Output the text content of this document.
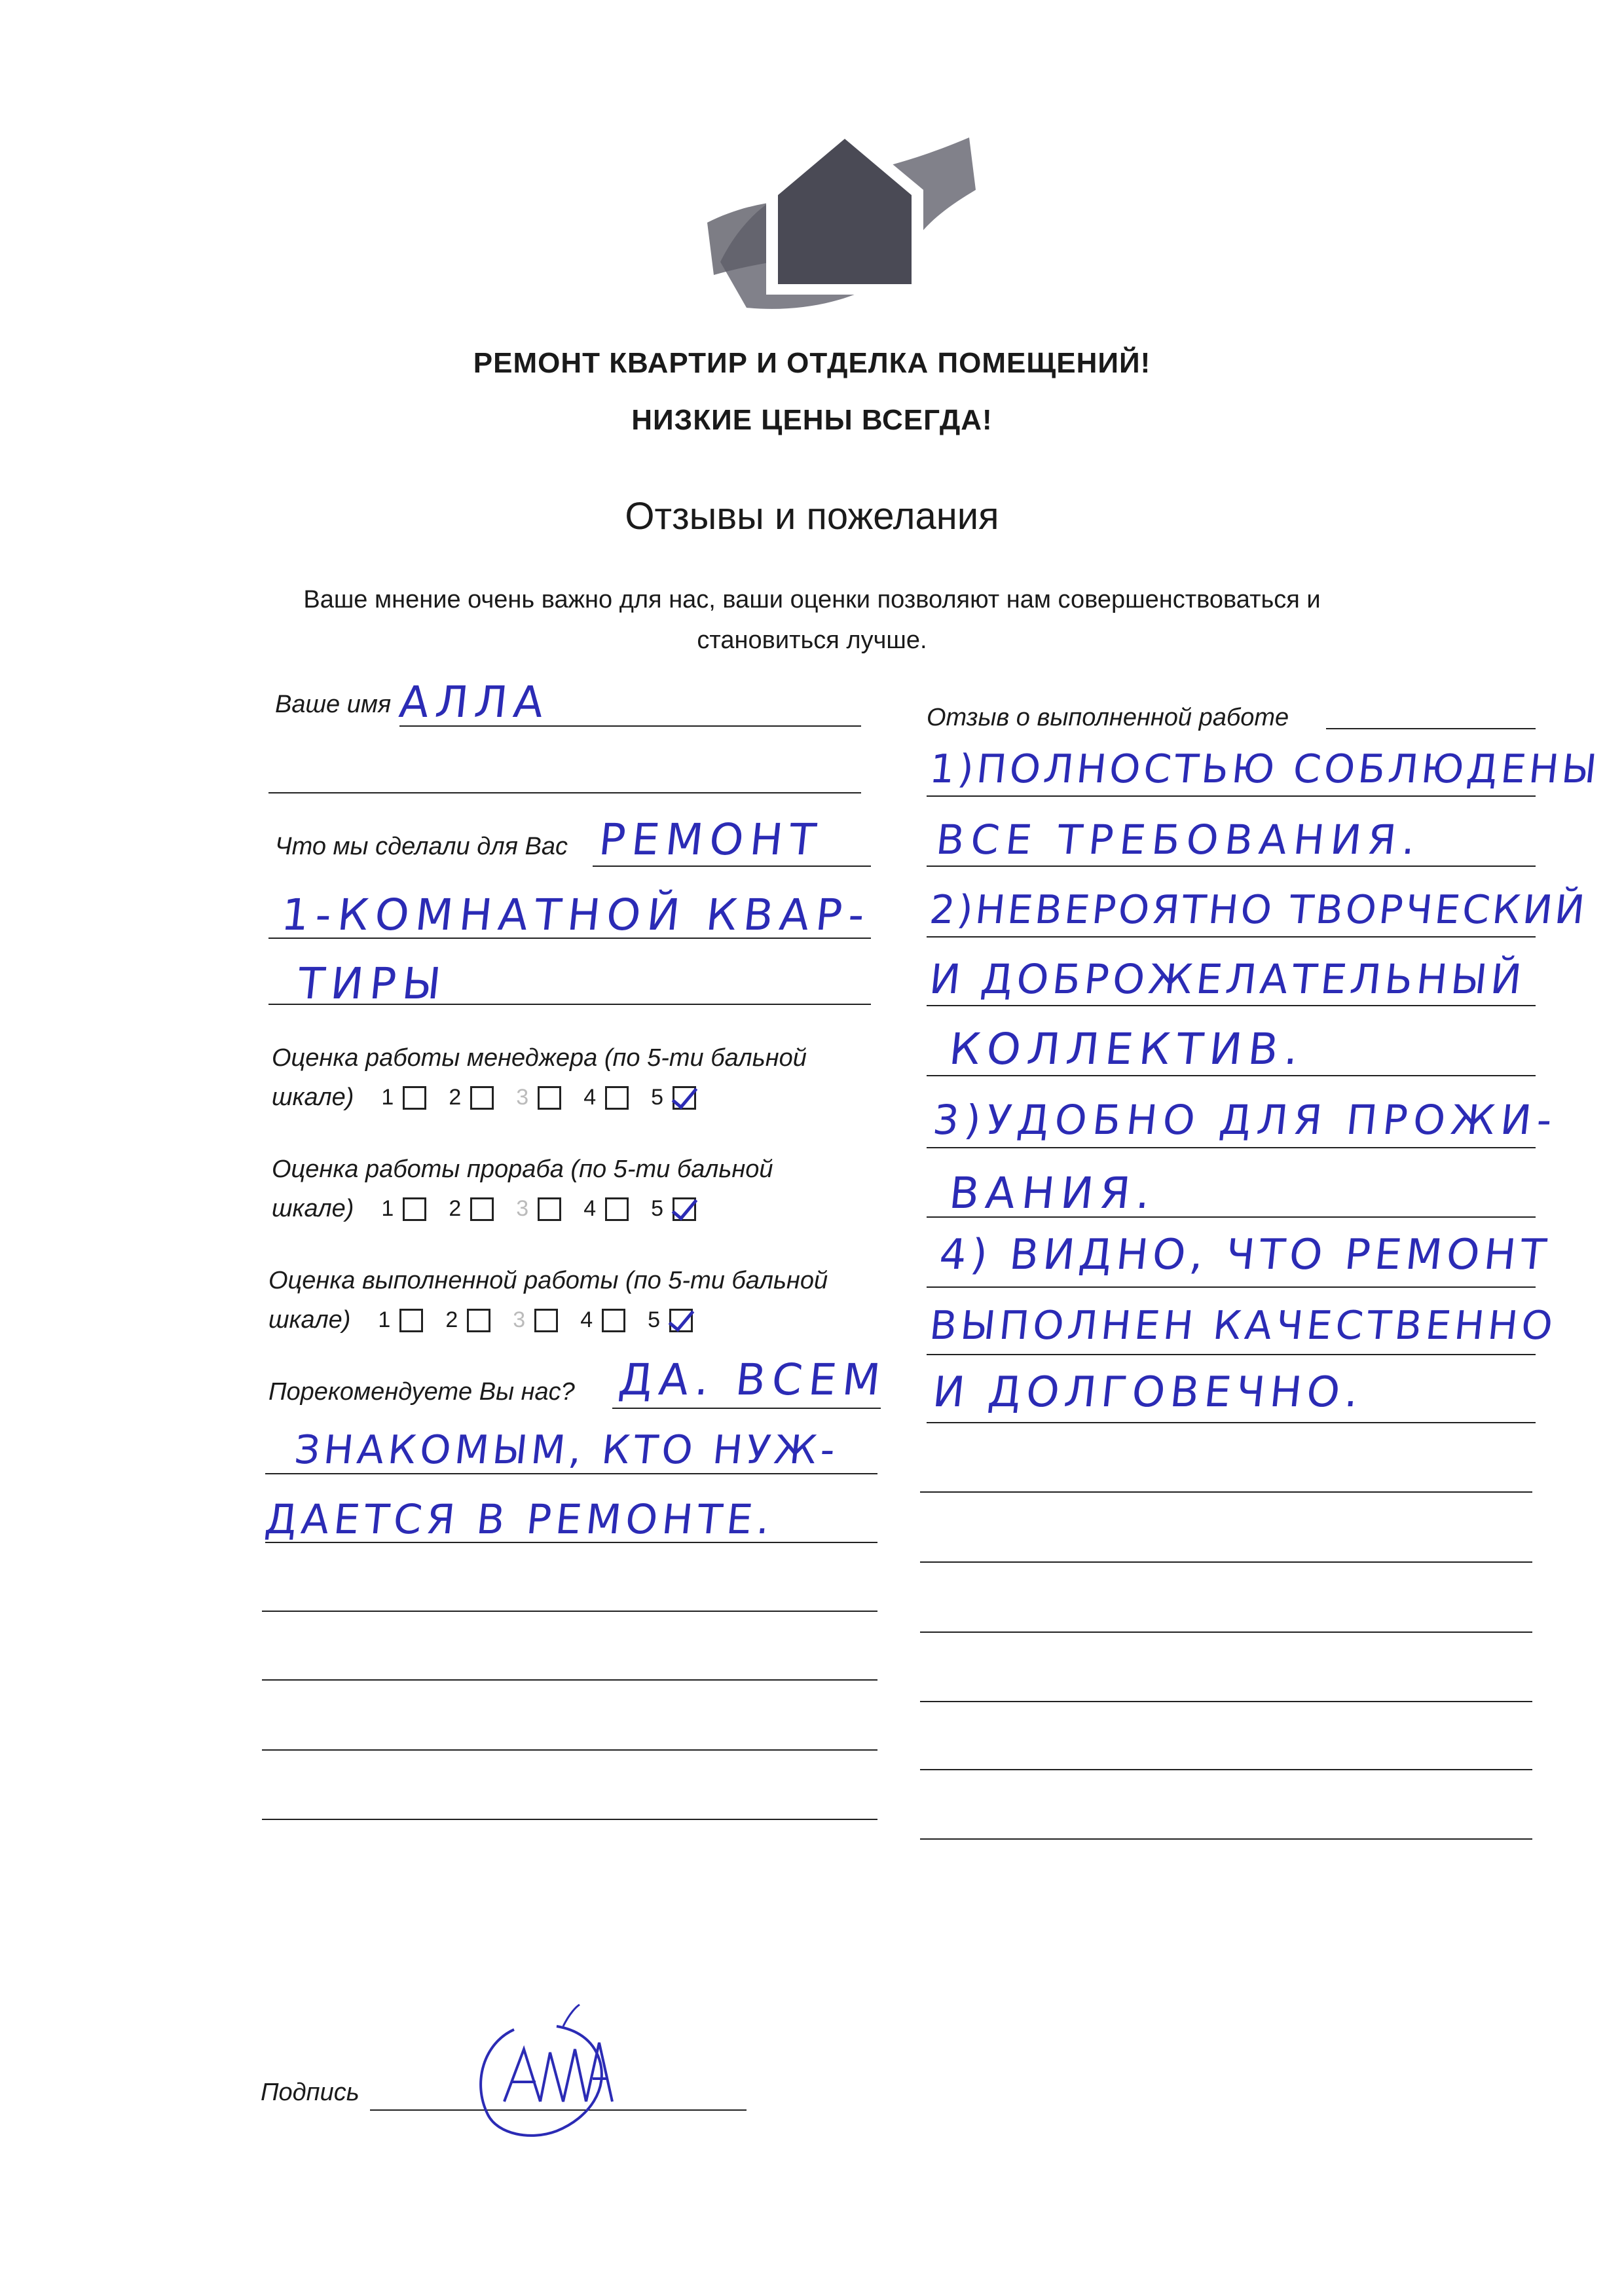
РЕМОНТ КВАРТИР И ОТДЕЛКА ПОМЕЩЕНИЙ!
НИЗКИЕ ЦЕНЫ ВСЕГДА!
Отзывы и пожелания
Ваше мнение очень важно для нас, ваши оценки позволяют нам совершенствоваться и
становиться лучше.
Ваше имя АЛЛА
Что мы сделали для Вас РЕМОНТ
1-КОМНАТНОЙ КВАР-
ТИРЫ
Оценка работы менеджера (по 5-ти бальной
шкале) 1 2 3 4 5
Оценка работы прораба (по 5-ти бальной
шкале) 1 2 3 4 5
Оценка выполненной работы (по 5-ти бальной
шкале) 1 2 3 4 5
Порекомендуете Вы нас? ДА. ВСЕМ
ЗНАКОМЫМ, КТО НУЖ-
ДАЕТСЯ В РЕМОНТЕ.
Отзыв о выполненной работе
1)ПОЛНОСТЬЮ СОБЛЮДЕНЫ
ВСЕ ТРЕБОВАНИЯ.
2)НЕВЕРОЯТНО ТВОРЧЕСКИЙ
И ДОБРОЖЕЛАТЕЛЬНЫЙ
КОЛЛЕКТИВ.
3)УДОБНО ДЛЯ ПРОЖИ-
ВАНИЯ.
4) ВИДНО, ЧТО РЕМОНТ
ВЫПОЛНЕН КАЧЕСТВЕННО
И ДОЛГОВЕЧНО.
Подпись
